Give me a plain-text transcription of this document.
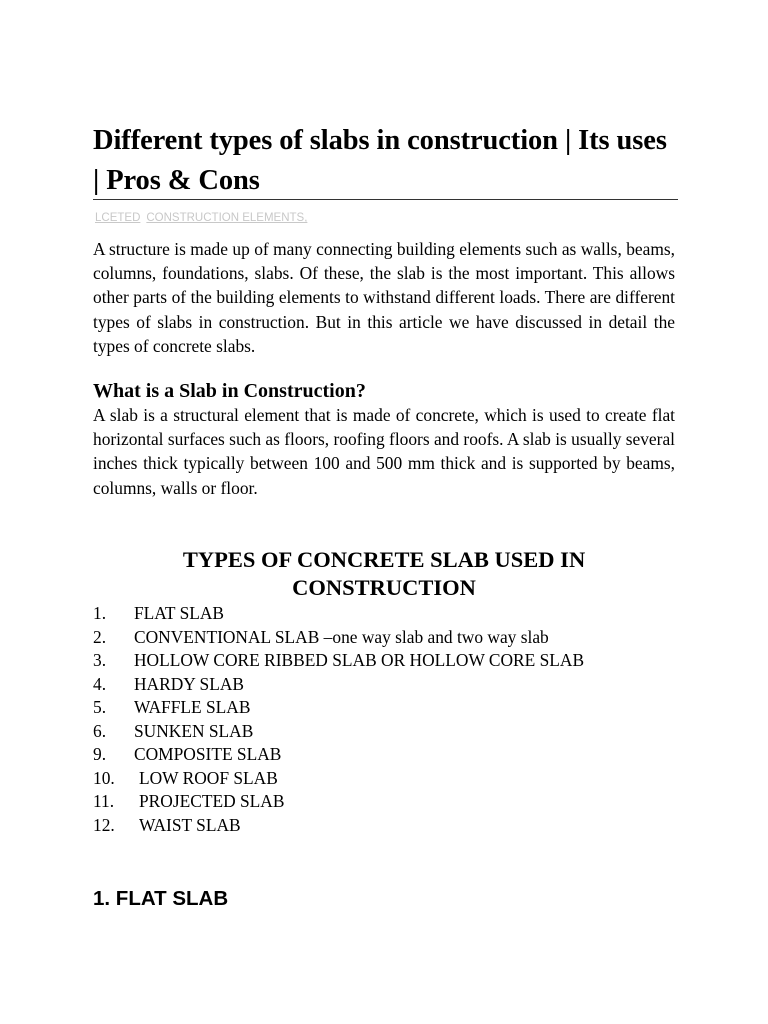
Different types of slabs in construction | Its uses | Pros & Cons
LCETED CONSTRUCTION ELEMENTS,

A structure is made up of many connecting building elements such as walls, beams, columns, foundations, slabs. Of these, the slab is the most important. This allows other parts of the building elements to withstand different loads. There are different types of slabs in construction. But in this article we have discussed in detail the types of concrete slabs.

What is a Slab in Construction?

A slab is a structural element that is made of concrete, which is used to create flat horizontal surfaces such as floors, roofing floors and roofs. A slab is usually several inches thick typically between 100 and 500 mm thick and is supported by beams, columns, walls or floor.

TYPES OF CONCRETE SLAB USED IN CONSTRUCTION
1. FLAT SLAB
2. CONVENTIONAL SLAB –one way slab and two way slab
3. HOLLOW CORE RIBBED SLAB OR HOLLOW CORE SLAB
4. HARDY SLAB
5. WAFFLE SLAB
6. SUNKEN SLAB
9. COMPOSITE SLAB
10. LOW ROOF SLAB
11. PROJECTED SLAB
12. WAIST SLAB
1. FLAT SLAB
